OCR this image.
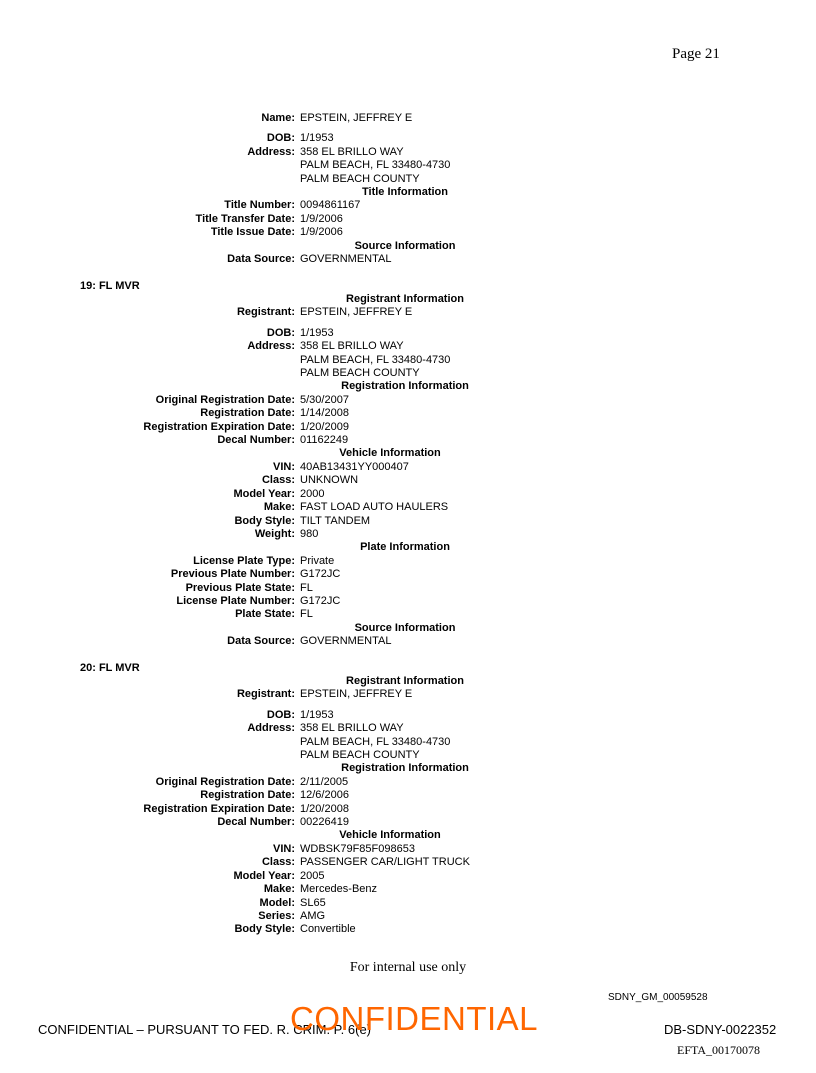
Page 21
Name: EPSTEIN, JEFFREY E
DOB: 1/1953
Address: 358 EL BRILLO WAY
PALM BEACH, FL 33480-4730
PALM BEACH COUNTY
Title Information
Title Number: 0094861167
Title Transfer Date: 1/9/2006
Title Issue Date: 1/9/2006
Source Information
Data Source: GOVERNMENTAL
19: FL MVR
Registrant Information
Registrant: EPSTEIN, JEFFREY E
DOB: 1/1953
Address: 358 EL BRILLO WAY
PALM BEACH, FL 33480-4730
PALM BEACH COUNTY
Registration Information
Original Registration Date: 5/30/2007
Registration Date: 1/14/2008
Registration Expiration Date: 1/20/2009
Decal Number: 01162249
Vehicle Information
VIN: 40AB13431YY000407
Class: UNKNOWN
Model Year: 2000
Make: FAST LOAD AUTO HAULERS
Body Style: TILT TANDEM
Weight: 980
Plate Information
License Plate Type: Private
Previous Plate Number: G172JC
Previous Plate State: FL
License Plate Number: G172JC
Plate State: FL
Source Information
Data Source: GOVERNMENTAL
20: FL MVR
Registrant Information
Registrant: EPSTEIN, JEFFREY E
DOB: 1/1953
Address: 358 EL BRILLO WAY
PALM BEACH, FL 33480-4730
PALM BEACH COUNTY
Registration Information
Original Registration Date: 2/11/2005
Registration Date: 12/6/2006
Registration Expiration Date: 1/20/2008
Decal Number: 00226419
Vehicle Information
VIN: WDBSK79F85F098653
Class: PASSENGER CAR/LIGHT TRUCK
Model Year: 2005
Make: Mercedes-Benz
Model: SL65
Series: AMG
Body Style: Convertible
For internal use only
SDNY_GM_00059528
CONFIDENTIAL – PURSUANT TO FED. R. CRIM. P. 6(e)
CONFIDENTIAL	DB-SDNY-0022352
EFTA_00170078
